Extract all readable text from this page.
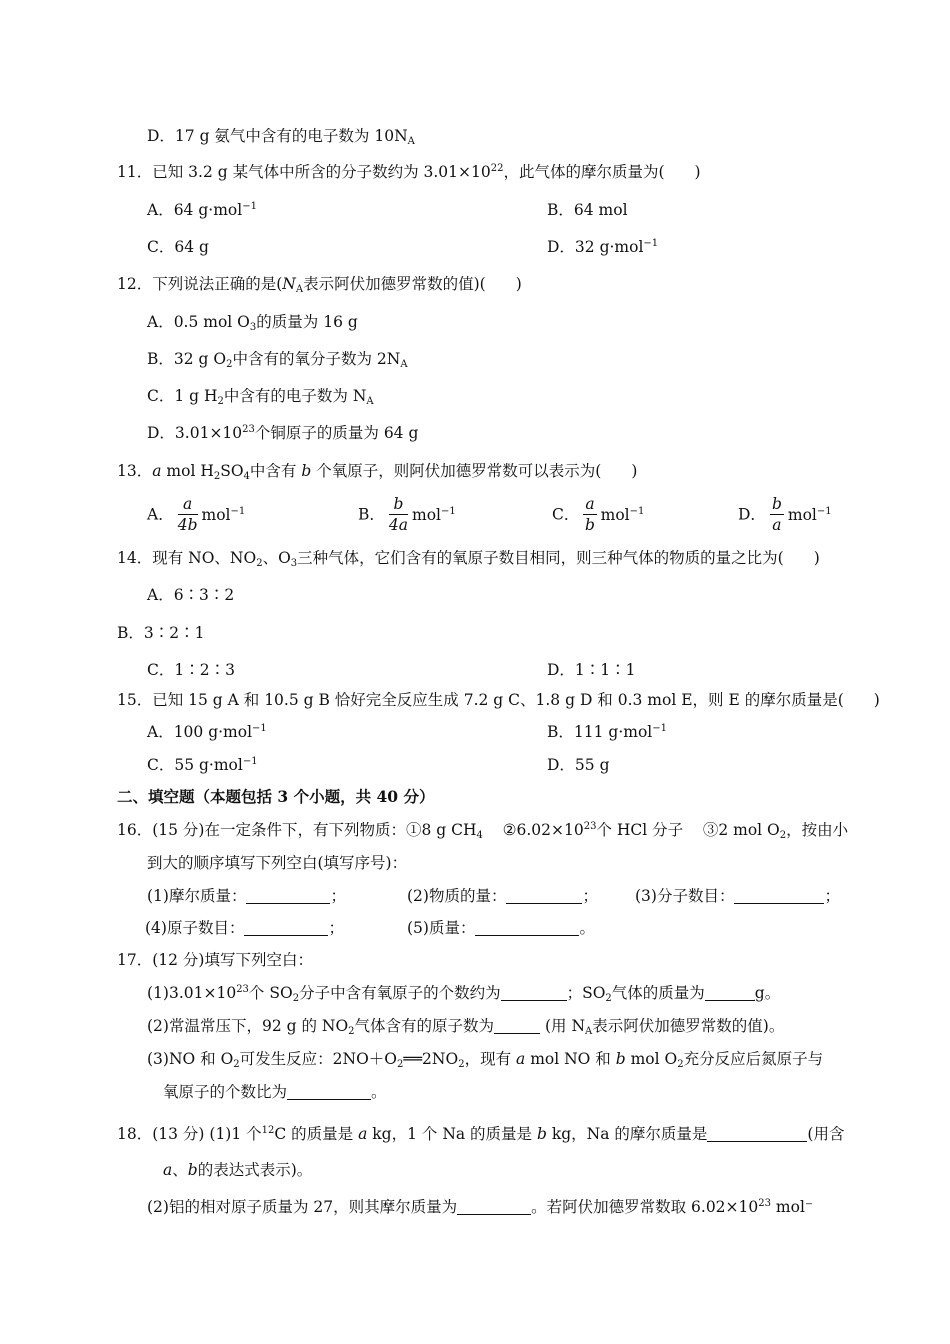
D．17 g 氨气中含有的电子数为 $10N_A$
11．已知 3.2 g 某气体中所含的分子数约为 $3.01\times 10^{22}$，此气体的摩尔质量为( )
A．64 g·mol$^{-1}$	B．64 mol
C．64 g	D．32 g·mol$^{-1}$
12．下列说法正确的是($N_A$表示阿伏加德罗常数的值)( )
A．0.5 mol $O_3$的质量为 16 g
B．32 g $O_2$中含有的氧分子数为 $2N_A$
C．1 g $H_2$中含有的电子数为 $N_A$
D．$3.01\times 10^{23}$个铜原子的质量为 64 g
13．a mol $H_2SO_4$中含有 b 个氧原子，则阿伏加德罗常数可以表示为( )
A． $\frac{a}{4b} mol^{-1}$	B． $\frac{b}{4a} mol^{-1}$	C． $\frac{a}{b} mol^{-1}$	D． $\frac{b}{a} mol^{-1}$
14．现有 NO、$NO_2$、$O_3$三种气体，它们含有的氧原子数目相同，则三种气体的物质的量之比为( )
A．6∶3∶2
B．3∶2∶1
C．1∶2∶3	D．1∶1∶1
15．已知 15 g A 和 10.5 g B 恰好完全反应生成 7.2 g C、1.8 g D 和 0.3 mol E，则 E 的摩尔质量是( )
A．100 g·mol$^{-1}$	B．111 g·mol$^{-1}$
C．55 g·mol$^{-1}$	D．55 g
二、填空题（本题包括 3 个小题，共 40 分）
16．(15 分)在一定条件下，有下列物质：①8 g $CH_4$ $②6.02\times 10^{23}$个 HCl 分子 ③2 mol $O_2$，按由小
到大的顺序填写下列空白(填写序号)：
(1)摩尔质量：	；	(2)物质的量：	； (3)分子数目：	；
(4)原子数目：	；	(5)质量：	。
17．(12 分)填写下列空白：
$(1)3.01\times 10^{23}$个 $SO_2$分子中含有氧原子的个数约为	；$SO_2$气体的质量为	g。
(2)常温常压下，92 g 的 $NO_2$气体含有的原子数为	(用 $N_A$表示阿伏加德罗常数的值)。
(3)NO 和 $O_2$可发生反应：$2NO+O_2══2NO_2$，现有 a mol NO 和 b mol $O_2$充分反应后氮原子与
氧原子的个数比为	。
18．(13 分) (1)1 个$^{12}$C 的质量是 a kg，1 个 Na 的质量是 b kg，Na 的摩尔质量是	(用含
a、b的表达式表示)。
(2)铝的相对原子质量为 27，则其摩尔质量为	。若阿伏加德罗常数取 $6.02\times 10^{23}$ mol⁻
